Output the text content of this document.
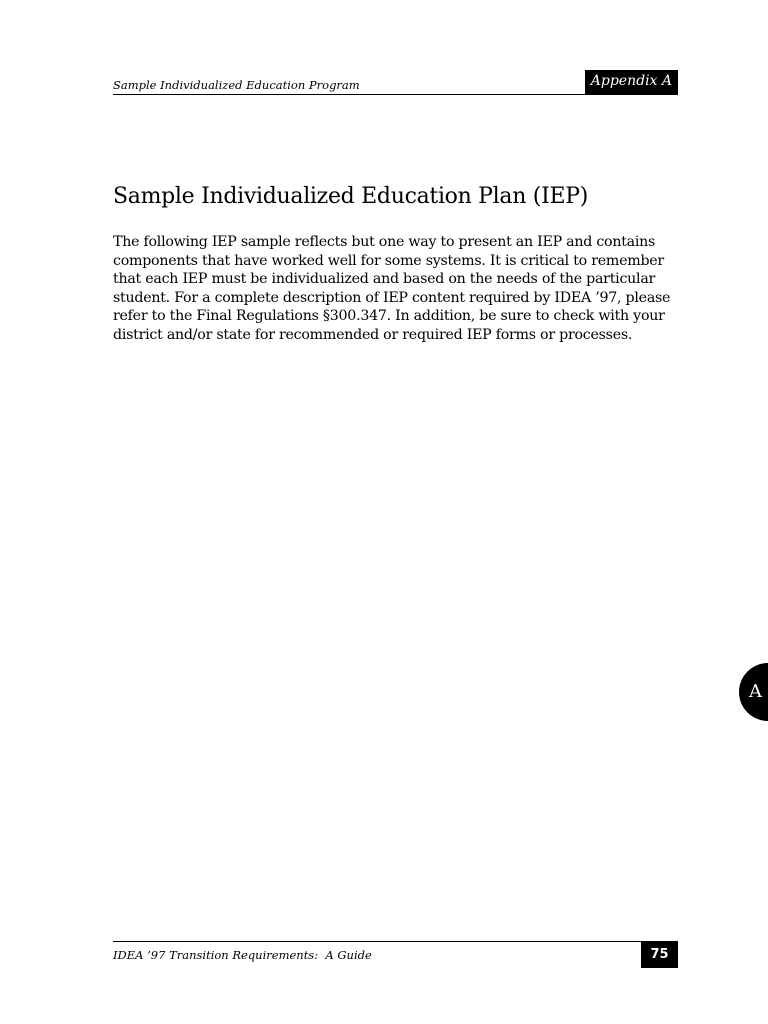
Sample Individualized Education Program	Appendix A
Sample Individualized Education Plan (IEP)

The following IEP sample reflects but one way to present an IEP and contains components that have worked well for some systems. It is critical to remember that each IEP must be individualized and based on the needs of the particular student. For a complete description of IEP content required by IDEA ’97, please refer to the Final Regulations §300.347. In addition, be sure to check with your district and/or state for recommended or required IEP forms or processes.

A
IDEA ’97 Transition Requirements:  A Guide	75
